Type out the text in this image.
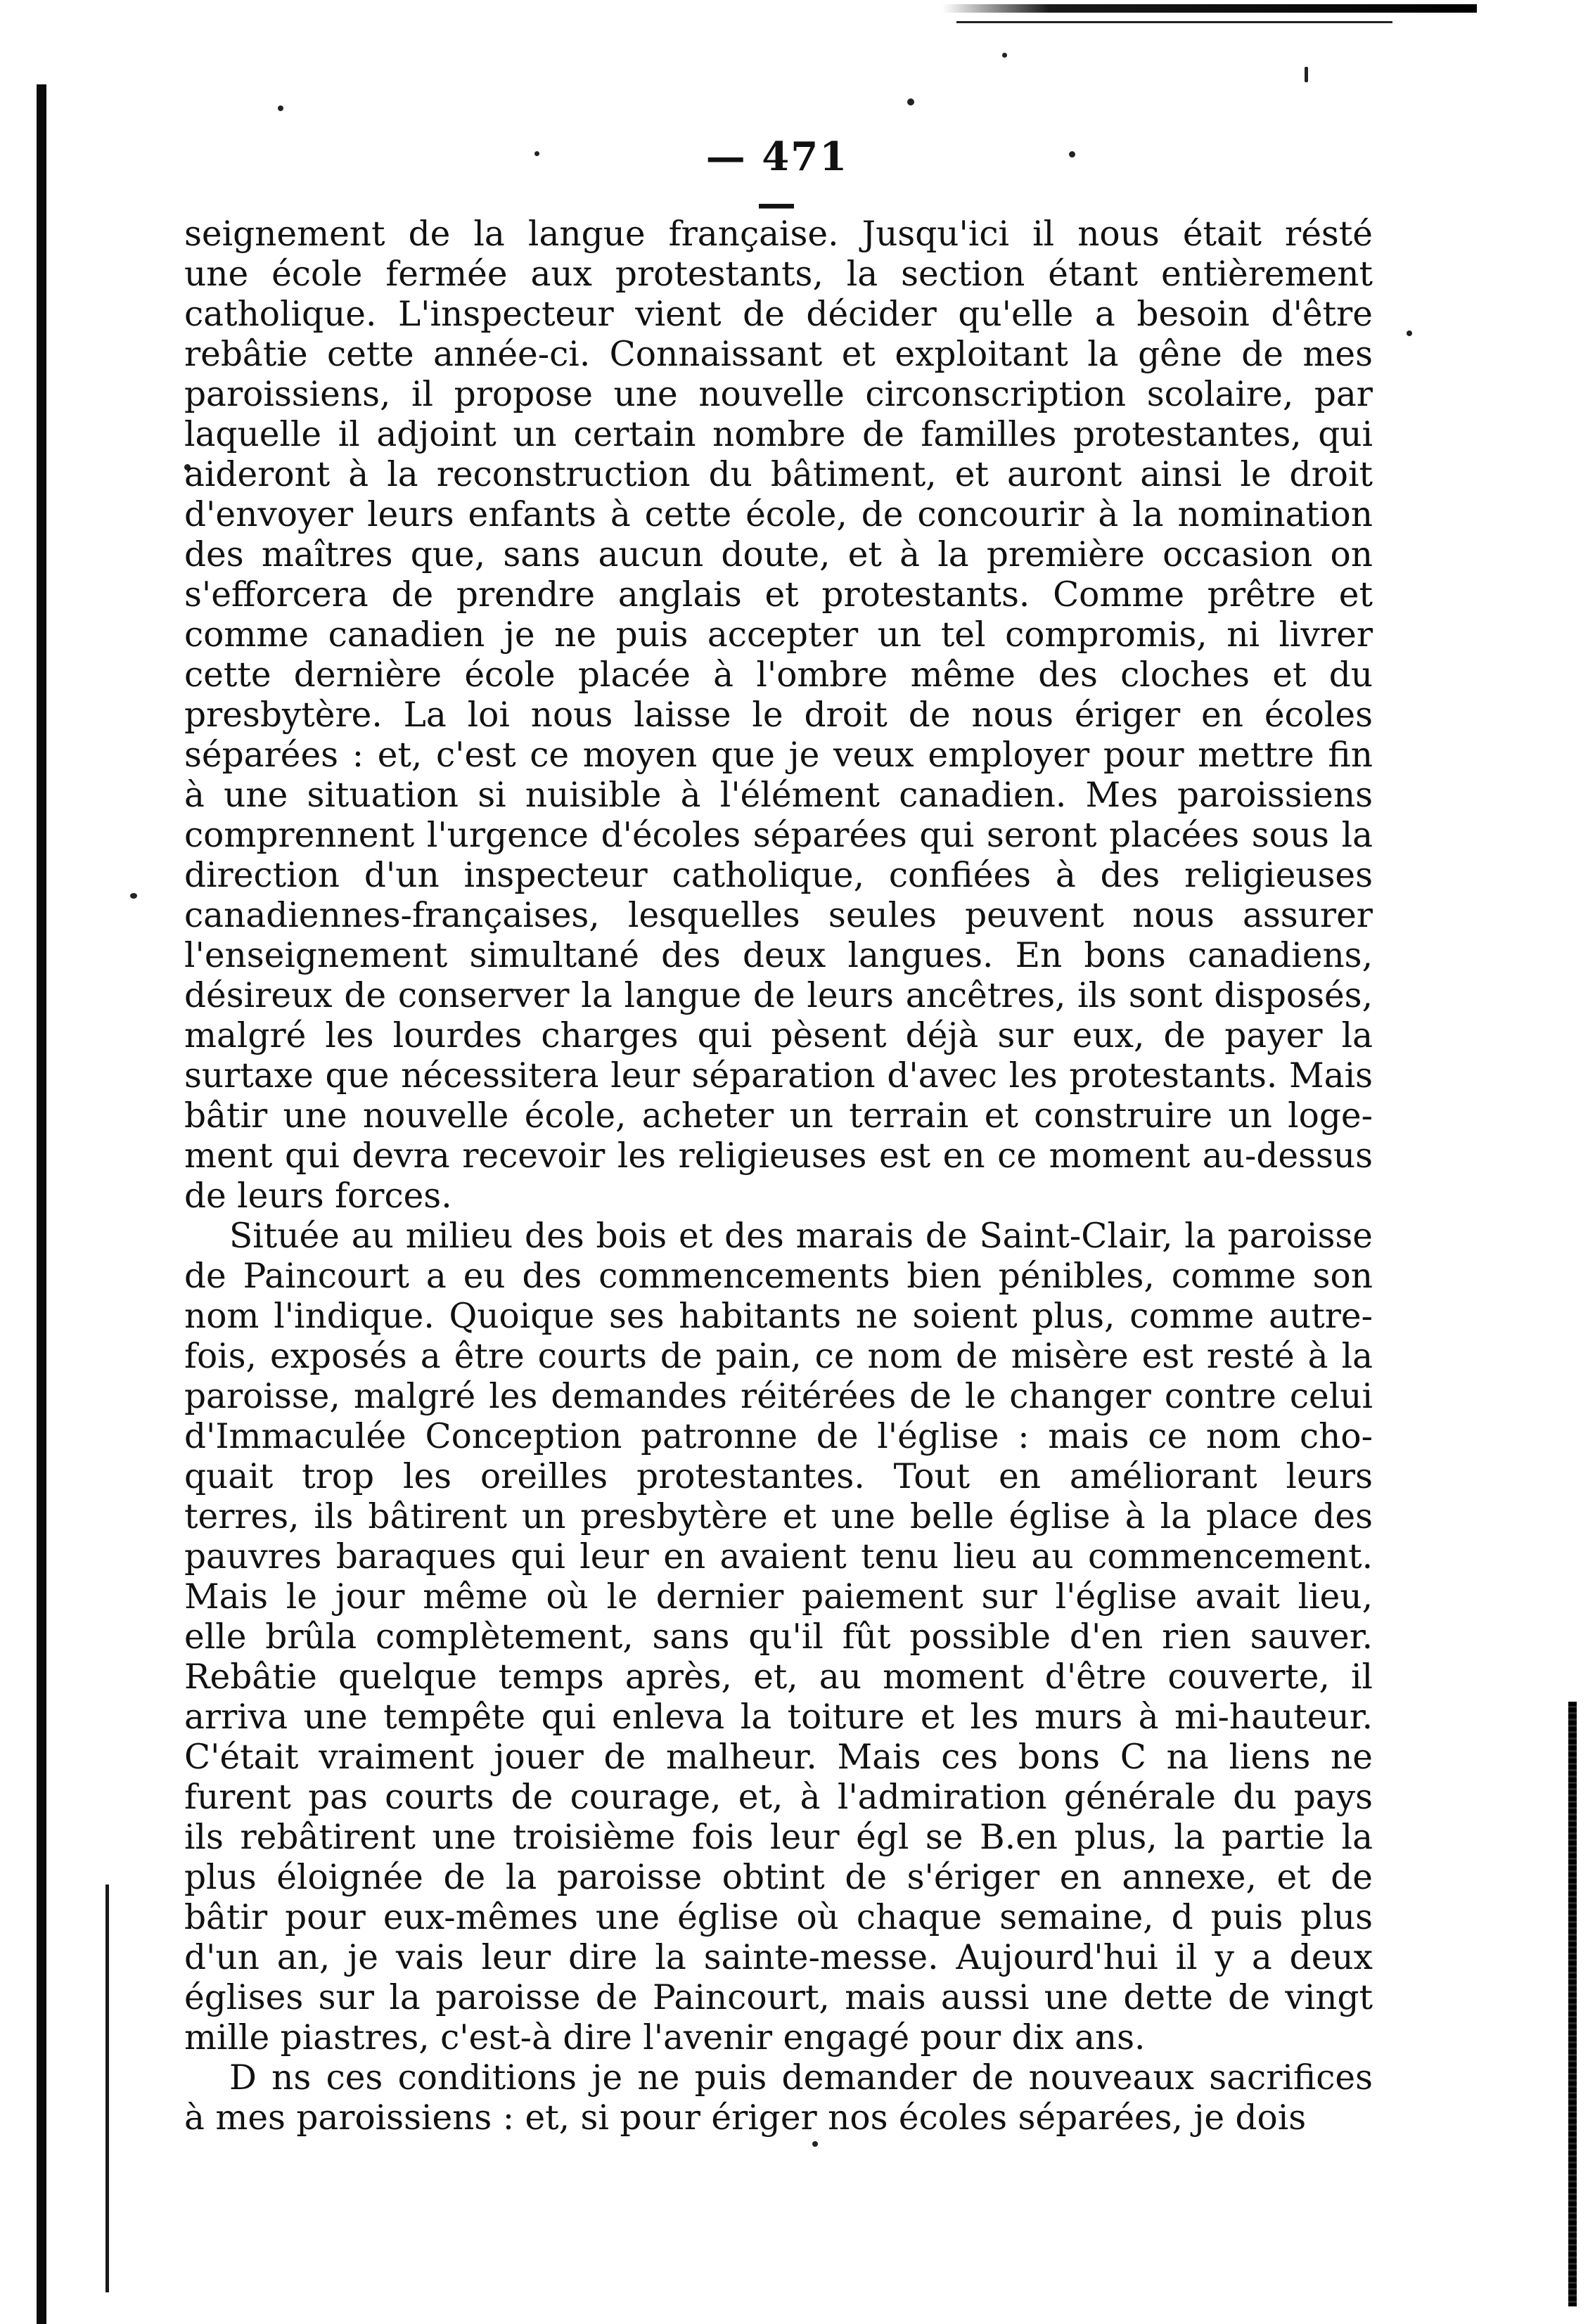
— 471 —
seignement de la langue française. Jusqu'ici il nous était résté
une école fermée aux protestants, la section étant entièrement
catholique. L'inspecteur vient de décider qu'elle a besoin d'être
rebâtie cette année-ci. Connaissant et exploitant la gêne de mes
paroissiens, il propose une nouvelle circonscription scolaire, par
laquelle il adjoint un certain nombre de familles protestantes, qui
aideront à la reconstruction du bâtiment, et auront ainsi le droit
d'envoyer leurs enfants à cette école, de concourir à la nomination
des maîtres que, sans aucun doute, et à la première occasion on
s'efforcera de prendre anglais et protestants. Comme prêtre et
comme canadien je ne puis accepter un tel compromis, ni livrer
cette dernière école placée à l'ombre même des cloches et du
presbytère. La loi nous laisse le droit de nous ériger en écoles
séparées : et, c'est ce moyen que je veux employer pour mettre fin
à une situation si nuisible à l'élément canadien. Mes paroissiens
comprennent l'urgence d'écoles séparées qui seront placées sous la
direction d'un inspecteur catholique, confiées à des religieuses
canadiennes-françaises, lesquelles seules peuvent nous assurer
l'enseignement simultané des deux langues. En bons canadiens,
désireux de conserver la langue de leurs ancêtres, ils sont disposés,
malgré les lourdes charges qui pèsent déjà sur eux, de payer la
surtaxe que nécessitera leur séparation d'avec les protestants. Mais
bâtir une nouvelle école, acheter un terrain et construire un loge-
ment qui devra recevoir les religieuses est en ce moment au-dessus
de leurs forces.
Située au milieu des bois et des marais de Saint-Clair, la paroisse
de Paincourt a eu des commencements bien pénibles, comme son
nom l'indique. Quoique ses habitants ne soient plus, comme autre-
fois, exposés a être courts de pain, ce nom de misère est resté à la
paroisse, malgré les demandes réitérées de le changer contre celui
d'Immaculée Conception patronne de l'église : mais ce nom cho-
quait trop les oreilles protestantes. Tout en améliorant leurs
terres, ils bâtirent un presbytère et une belle église à la place des
pauvres baraques qui leur en avaient tenu lieu au commencement.
Mais le jour même où le dernier paiement sur l'église avait lieu,
elle brûla complètement, sans qu'il fût possible d'en rien sauver.
Rebâtie quelque temps après, et, au moment d'être couverte, il
arriva une tempête qui enleva la toiture et les murs à mi-hauteur.
C'était vraiment jouer de malheur. Mais ces bons C na liens ne
furent pas courts de courage, et, à l'admiration générale du pays
ils rebâtirent une troisième fois leur égl se B.en plus, la partie la
plus éloignée de la paroisse obtint de s'ériger en annexe, et de
bâtir pour eux-mêmes une église où chaque semaine, d puis plus
d'un an, je vais leur dire la sainte-messe. Aujourd'hui il y a deux
églises sur la paroisse de Paincourt, mais aussi une dette de vingt
mille piastres, c'est-à dire l'avenir engagé pour dix ans.
D ns ces conditions je ne puis demander de nouveaux sacrifices
à mes paroissiens : et, si pour ériger nos écoles séparées, je dois
